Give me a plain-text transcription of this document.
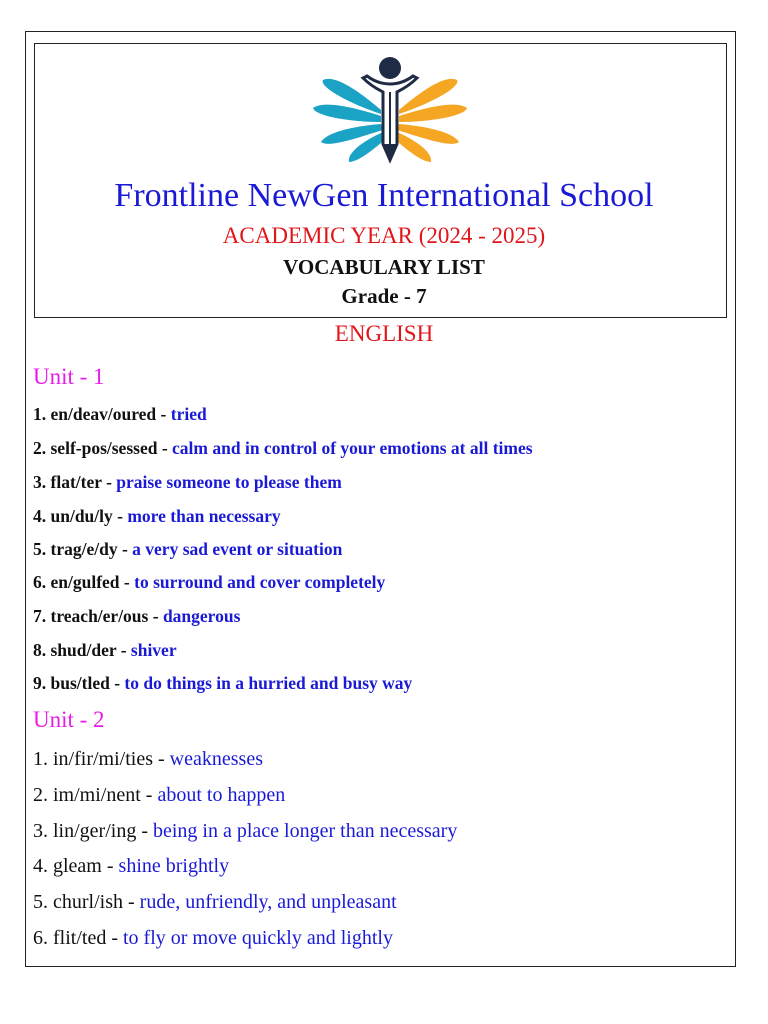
Frontline NewGen International School
ACADEMIC YEAR (2024 - 2025)
VOCABULARY LIST
Grade - 7
ENGLISH
Unit - 1
1. en/deav/oured - tried
2. self-pos/sessed - calm and in control of your emotions at all times
3. flat/ter - praise someone to please them
4. un/du/ly - more than necessary
5. trag/e/dy - a very sad event or situation
6. en/gulfed - to surround and cover completely
7. treach/er/ous - dangerous
8. shud/der - shiver
9. bus/tled - to do things in a hurried and busy way
Unit - 2
1. in/fir/mi/ties - weaknesses
2. im/mi/nent - about to happen
3. lin/ger/ing - being in a place longer than necessary
4. gleam - shine brightly
5. churl/ish - rude, unfriendly, and unpleasant
6. flit/ted - to fly or move quickly and lightly
